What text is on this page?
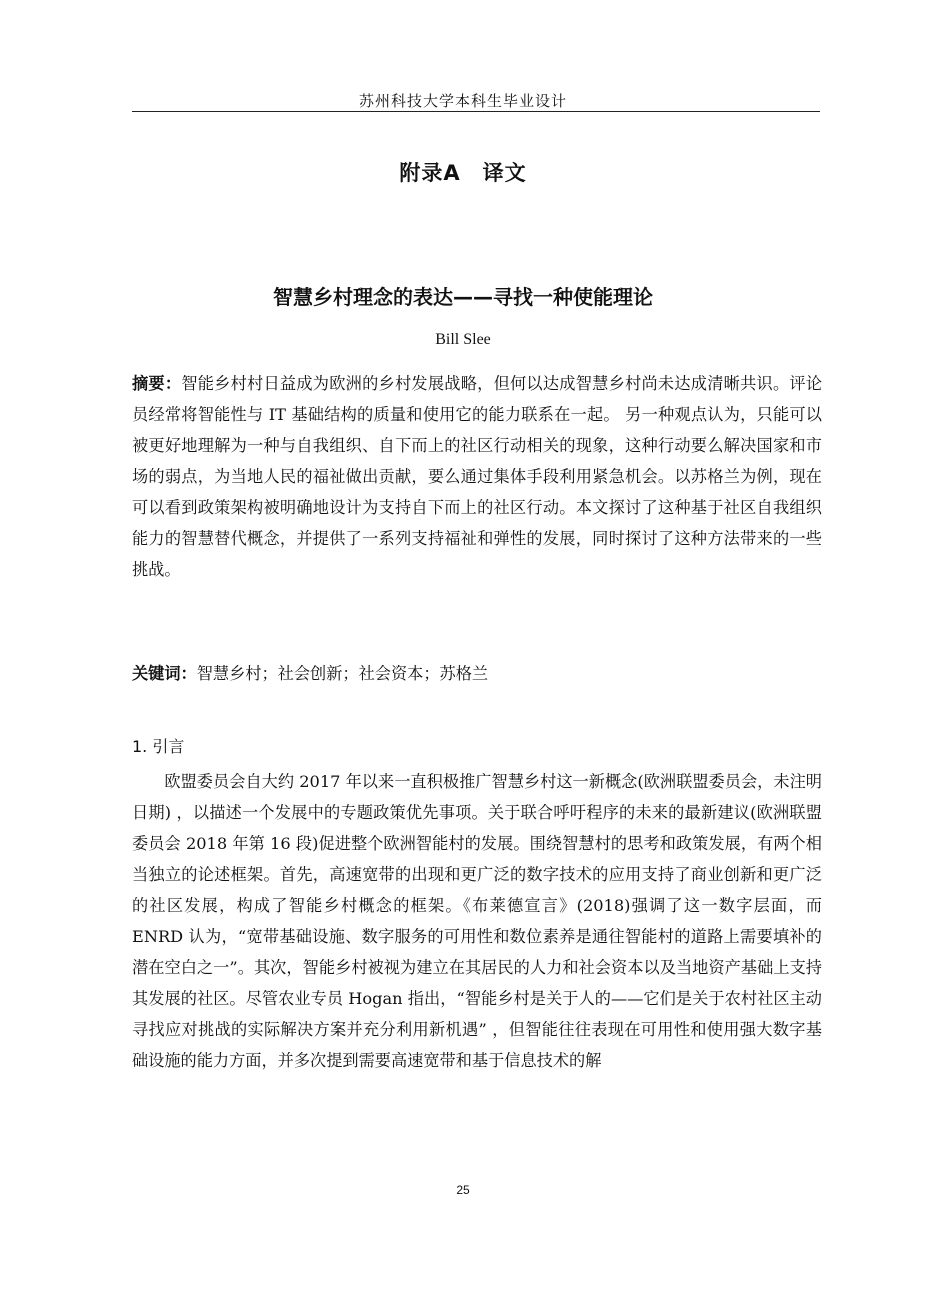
苏州科技大学本科生毕业设计
附录A　译文
智慧乡村理念的表达——寻找一种使能理论
Bill Slee
摘要：智能乡村村日益成为欧洲的乡村发展战略，但何以达成智慧乡村尚未达成清晰共识。评论员经常将智能性与 IT 基础结构的质量和使用它的能力联系在一起。 另一种观点认为，只能可以被更好地理解为一种与自我组织、自下而上的社区行动相关的现象，这种行动要么解决国家和市场的弱点，为当地人民的福祉做出贡献，要么通过集体手段利用紧急机会。以苏格兰为例，现在可以看到政策架构被明确地设计为支持自下而上的社区行动。本文探讨了这种基于社区自我组织能力的智慧替代概念，并提供了一系列支持福祉和弹性的发展，同时探讨了这种方法带来的一些挑战。
关键词：智慧乡村；社会创新；社会资本；苏格兰
1. 引言
欧盟委员会自大约 2017 年以来一直积极推广智慧乡村这一新概念(欧洲联盟委员会，未注明日期) ，以描述一个发展中的专题政策优先事项。关于联合呼吁程序的未来的最新建议(欧洲联盟委员会 2018 年第 16 段)促进整个欧洲智能村的发展。围绕智慧村的思考和政策发展，有两个相当独立的论述框架。首先，高速宽带的出现和更广泛的数字技术的应用支持了商业创新和更广泛的社区发展，构成了智能乡村概念的框架。《布莱德宣言》(2018)强调了这一数字层面，而 ENRD 认为，“宽带基础设施、数字服务的可用性和数位素养是通往智能村的道路上需要填补的潜在空白之一”。其次，智能乡村被视为建立在其居民的人力和社会资本以及当地资产基础上支持其发展的社区。尽管农业专员 Hogan 指出，“智能乡村是关于人的——它们是关于农村社区主动寻找应对挑战的实际解决方案并充分利用新机遇” ，但智能往往表现在可用性和使用强大数字基础设施的能力方面，并多次提到需要高速宽带和基于信息技术的解
25
